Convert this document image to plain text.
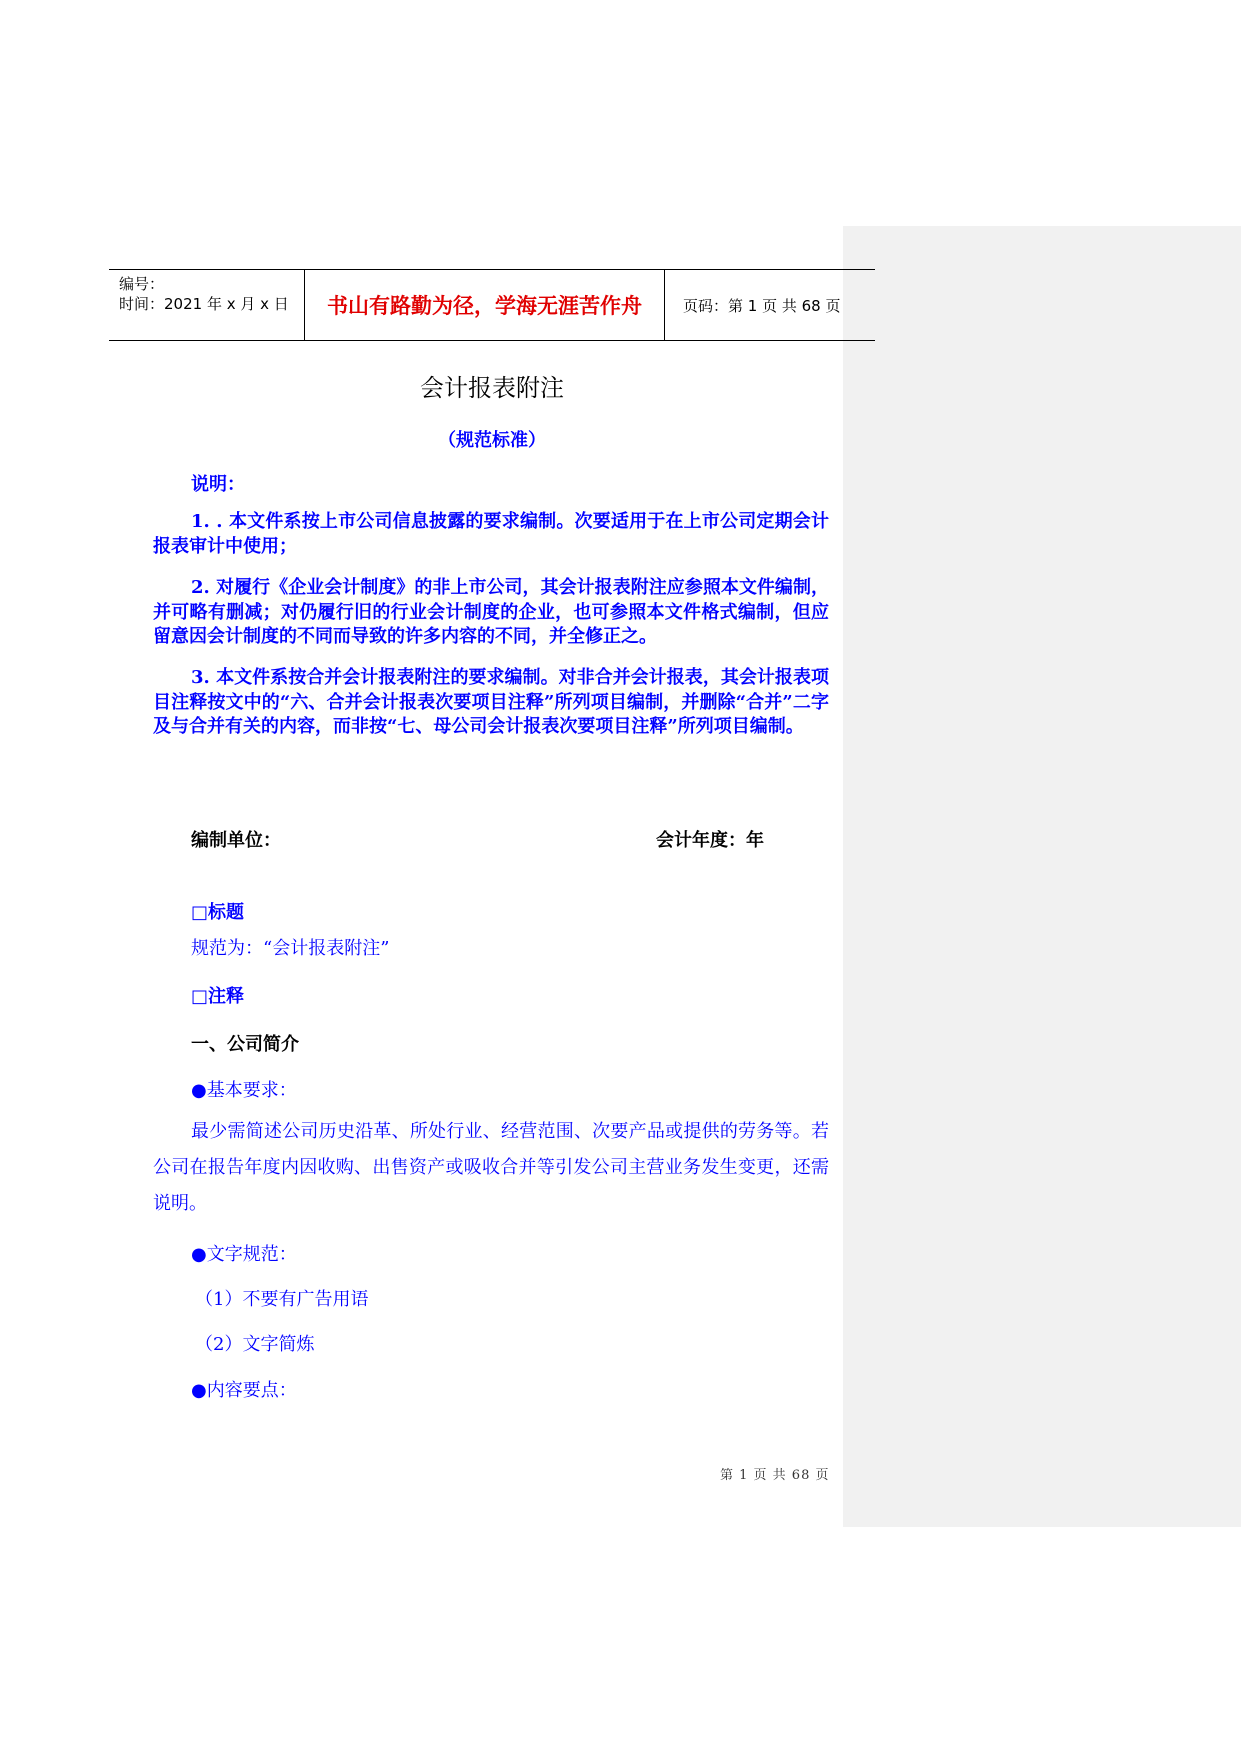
编号：
时间：2021 年 x 月 x 日	书山有路勤为径，学海无涯苦作舟	页码：第 1 页 共 68 页
会计报表附注
（规范标准）
说明：

1. . 本文件系按上市公司信息披露的要求编制。次要适用于在上市公司定期会计报表审计中使用；

2. 对履行《企业会计制度》的非上市公司，其会计报表附注应参照本文件编制，并可略有删减；对仍履行旧的行业会计制度的企业，也可参照本文件格式编制，但应留意因会计制度的不同而导致的许多内容的不同，并全修正之。

3. 本文件系按合并会计报表附注的要求编制。对非合并会计报表，其会计报表项目注释按文中的“六、合并会计报表次要项目注释”所列项目编制，并删除“合并”二字及与合并有关的内容，而非按“七、母公司会计报表次要项目注释”所列项目编制。

编制单位：	会计年度：年
□标题
规范为：“会计报表附注”
□注释
一、公司简介
●基本要求：

最少需简述公司历史沿革、所处行业、经营范围、次要产品或提供的劳务等。若公司在报告年度内因收购、出售资产或吸收合并等引发公司主营业务发生变更，还需说明。

●文字规范：
（1）不要有广告用语
（2）文字简炼
●内容要点：
第 1 页 共 68 页
